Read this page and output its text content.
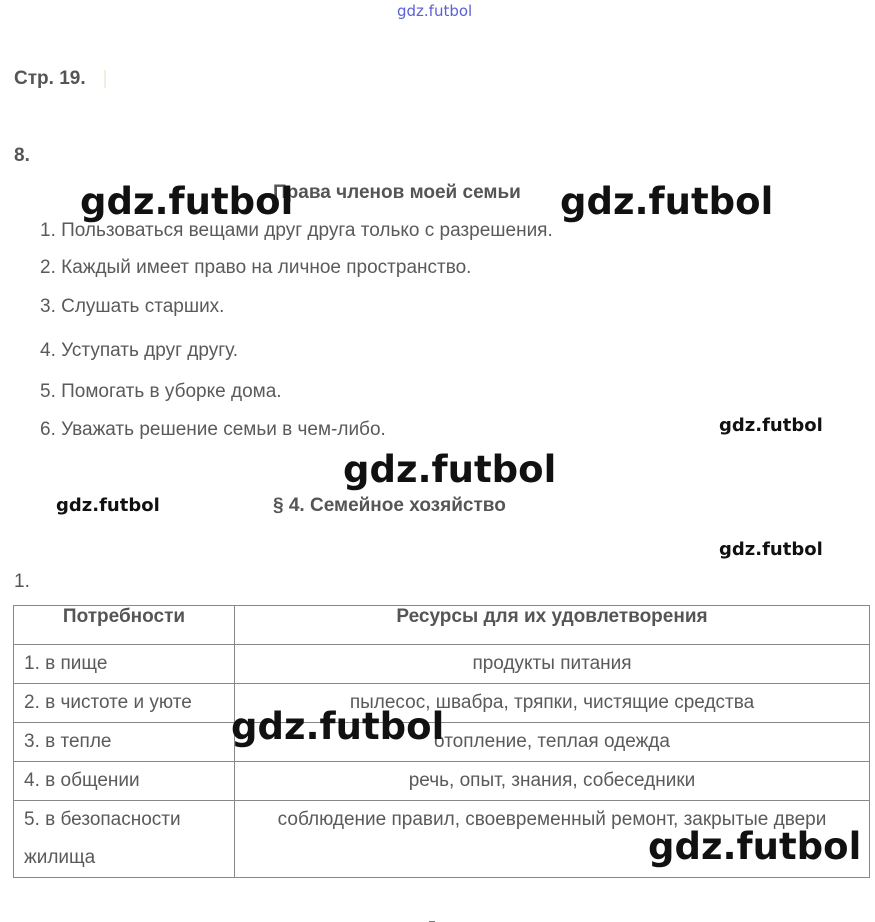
gdz.futbol
Стр. 19.
8.
Права членов моей семьи
1. Пользоваться вещами друг друга только с разрешения.
2. Каждый имеет право на личное пространство.
3. Слушать старших.
4. Уступать друг другу.
5. Помогать в уборке дома.
6. Уважать решение семьи в чем-либо.
§ 4. Семейное хозяйство
1.
Потребности	Ресурсы для их удовлетворения
1. в пище	продукты питания
2. в чистоте и уюте	пылесос, швабра, тряпки, чистящие средства
3. в тепле	отопление, теплая одежда
4. в общении	речь, опыт, знания, собеседники
5. в безопасности жилища	соблюдение правил, своевременный ремонт, закрытые двери
gdz.futbol	gdz.futbol
gdz.futbol
gdz.futbol
gdz.futbol
gdz.futbol
gdz.futbol
gdz.futbol
